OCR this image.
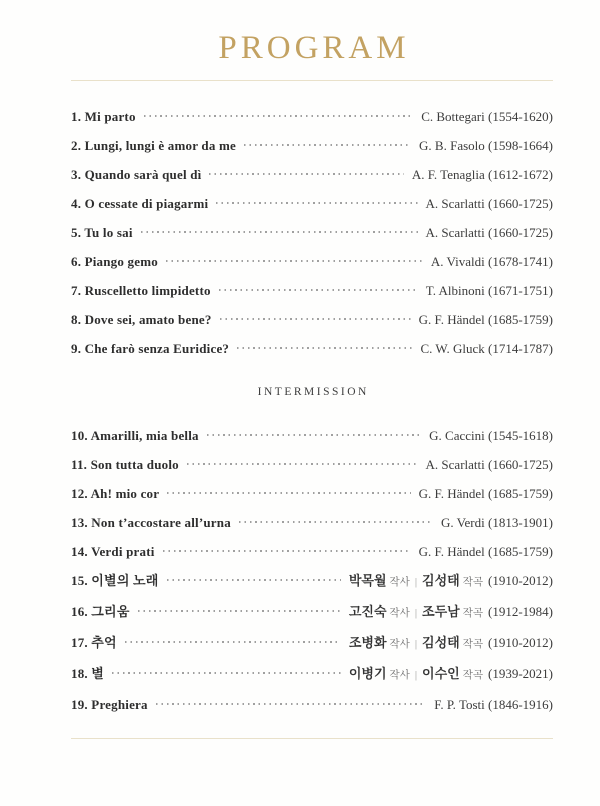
PROGRAM
1. Mi parto	C. Bottegari (1554-1620)
2. Lungi, lungi è amor da me	G. B. Fasolo (1598-1664)
3. Quando sarà quel dì	A. F. Tenaglia (1612-1672)
4. O cessate di piagarmi	A. Scarlatti (1660-1725)
5. Tu lo sai	A. Scarlatti (1660-1725)
6. Piango gemo	A. Vivaldi (1678-1741)
7. Ruscelletto limpidetto	T. Albinoni (1671-1751)
8. Dove sei, amato bene?	G. F. Händel (1685-1759)
9. Che farò senza Euridice?	C. W. Gluck (1714-1787)
INTERMISSION
10. Amarilli, mia bella	G. Caccini (1545-1618)
11. Son tutta duolo	A. Scarlatti (1660-1725)
12. Ah! mio cor	G. F. Händel (1685-1759)
13. Non t’accostare all’urna	G. Verdi (1813-1901)
14. Verdi prati	G. F. Händel (1685-1759)
15. 이별의 노래	박목월 작사 | 김성태 작곡 (1910-2012)
16. 그리움	고진숙 작사 | 조두남 작곡 (1912-1984)
17. 추억	조병화 작사 | 김성태 작곡 (1910-2012)
18. 별	이병기 작사 | 이수인 작곡 (1939-2021)
19. Preghiera	F. P. Tosti (1846-1916)
